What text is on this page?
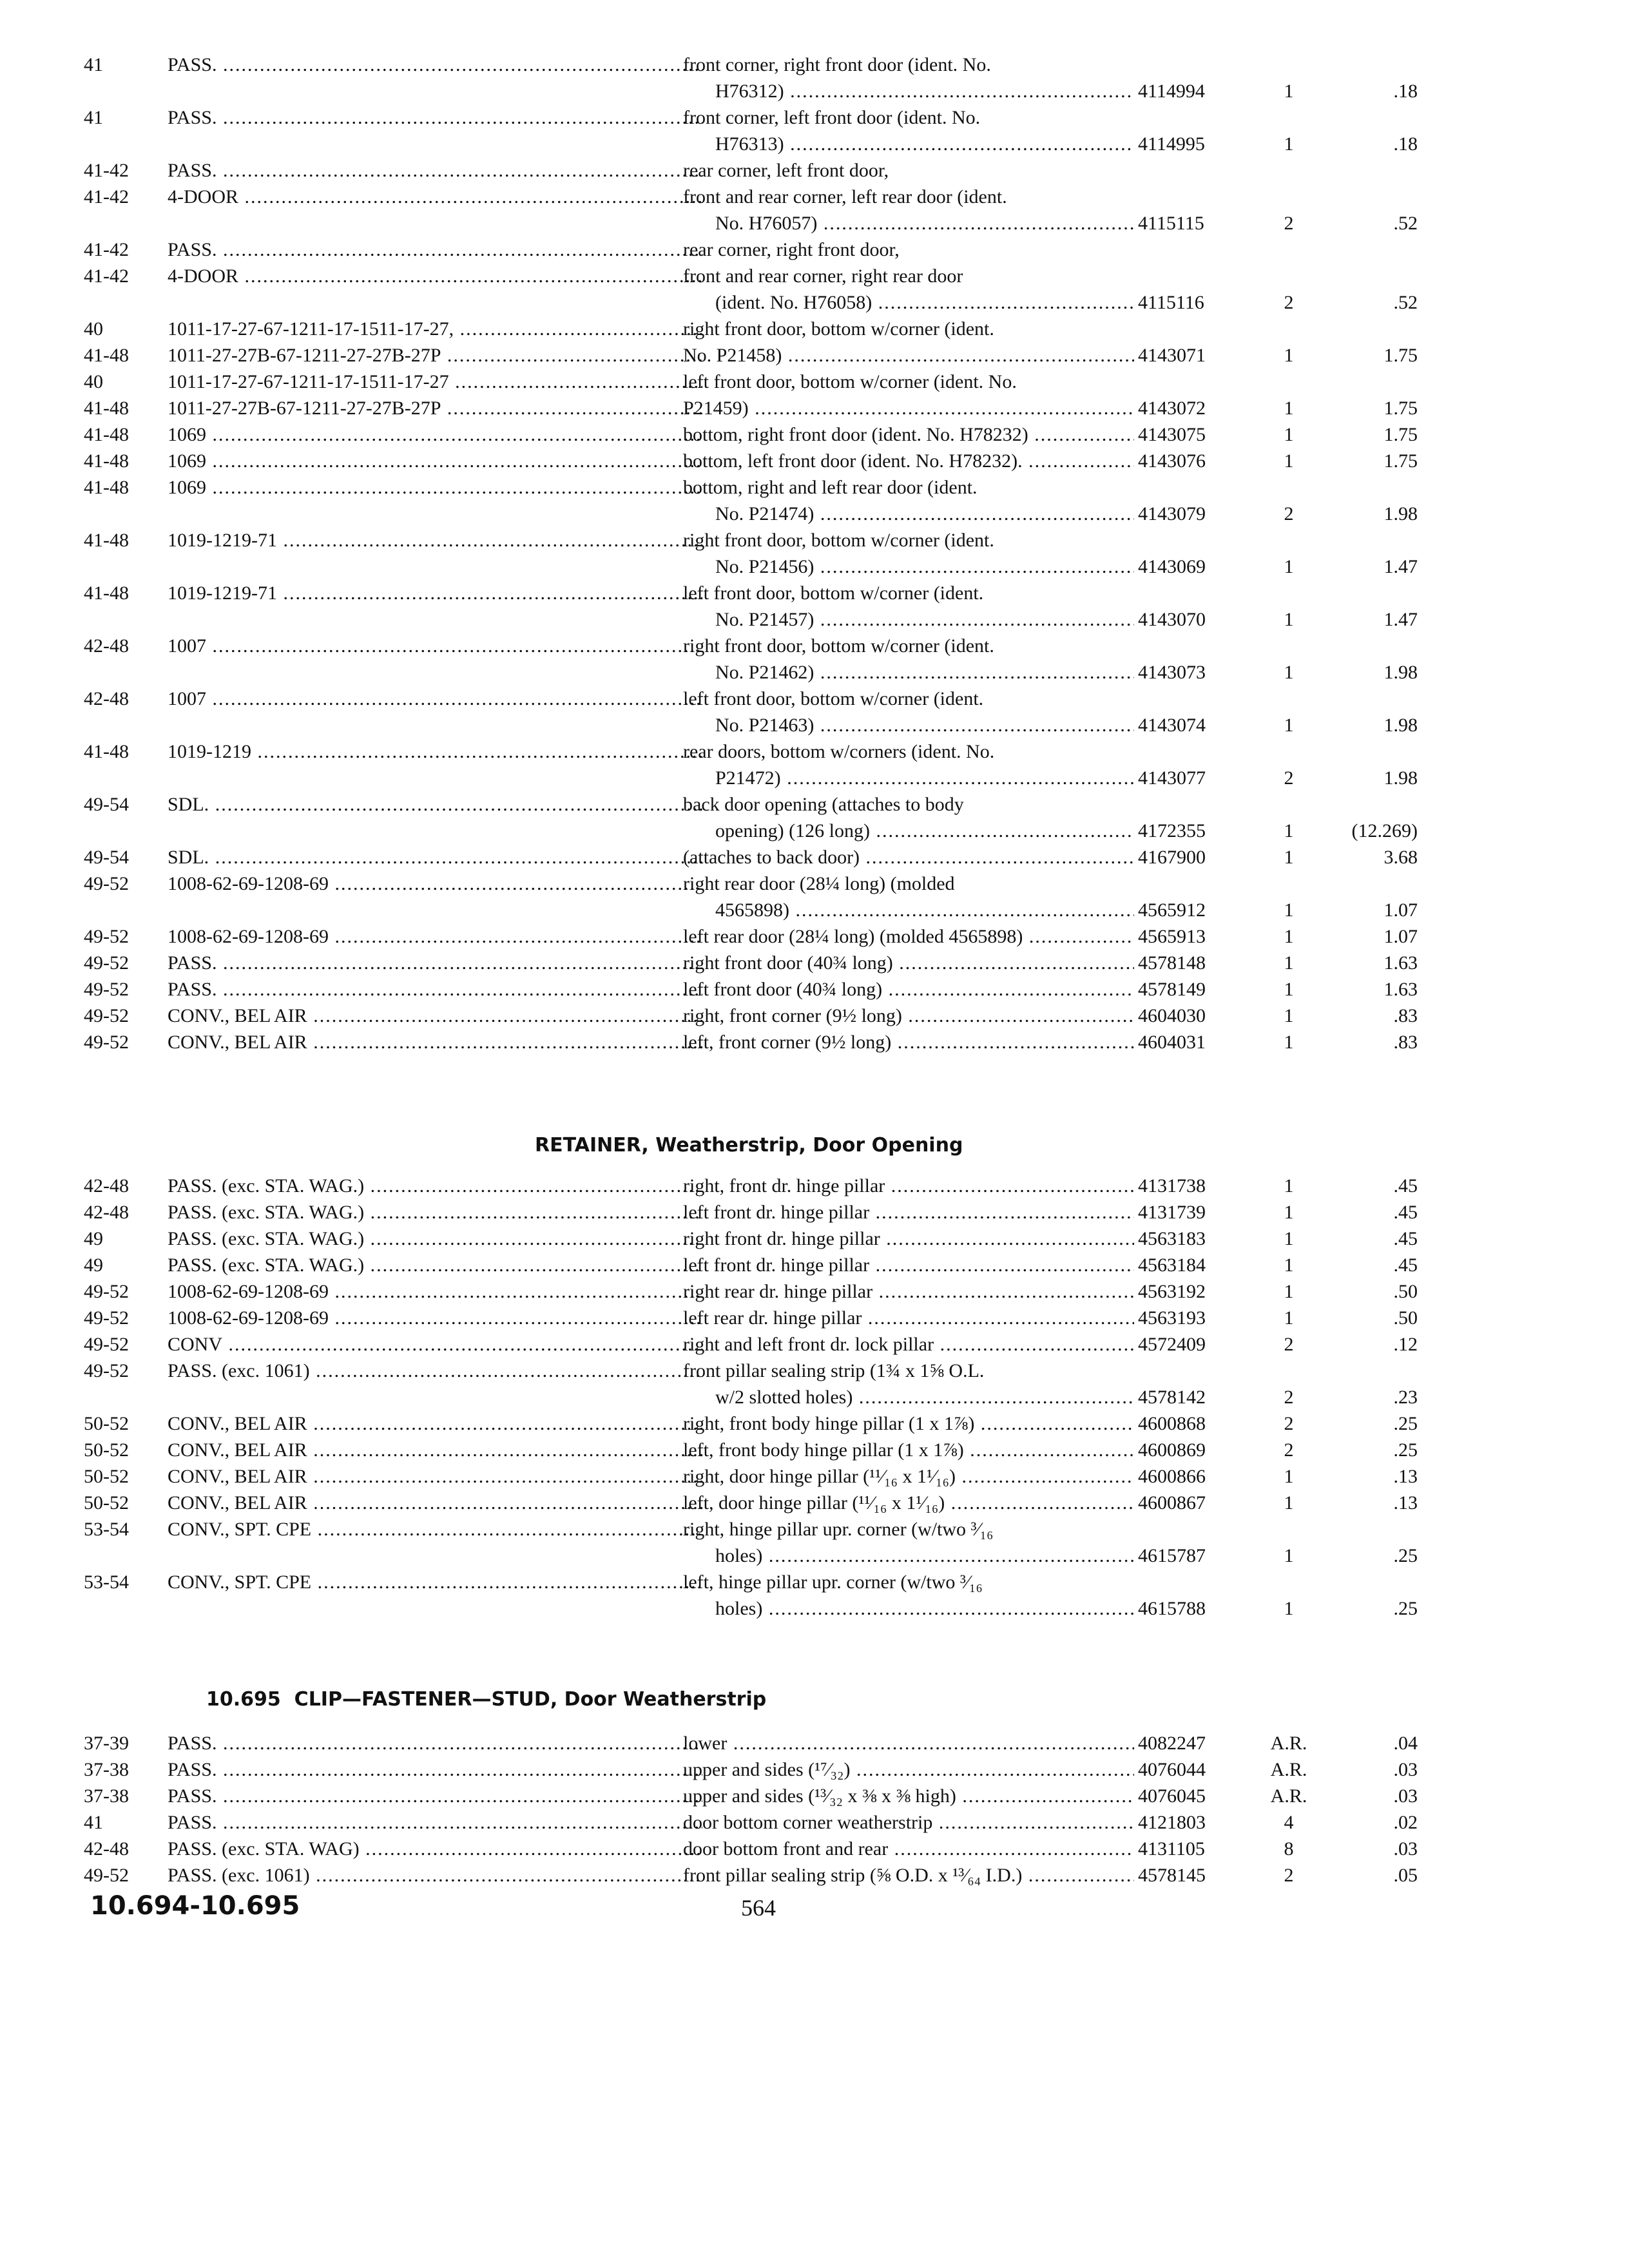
41	PASS. .....	front corner, right front door (ident. No.
H76312) .....	4114994	1	.18
41	PASS. .....	front corner, left front door (ident. No.
H76313) .....	4114995	1	.18
41-42	PASS. .....	rear corner, left front door,
41-42	4-DOOR .....	front and rear corner, left rear door (ident.
No. H76057) .....	4115115	2	.52
41-42	PASS. .....	rear corner, right front door,
41-42	4-DOOR .....	front and rear corner, right rear door
(ident. No. H76058) .....	4115116	2	.52
40	1011-17-27-67-1211-17-1511-17-27, .....	right front door, bottom w/corner (ident.
41-48	1011-27-27B-67-1211-27-27B-27P .....	No. P21458) .....	4143071	1	1.75
40	1011-17-27-67-1211-17-1511-17-27 .....	left front door, bottom w/corner (ident. No.
41-48	1011-27-27B-67-1211-27-27B-27P .....	P21459) .....	4143072	1	1.75
41-48	1069 .....	bottom, right front door (ident. No. H78232) .....	4143075	1	1.75
41-48	1069 .....	bottom, left front door (ident. No. H78232). .....	4143076	1	1.75
41-48	1069 .....	bottom, right and left rear door (ident.
No. P21474) .....	4143079	2	1.98
41-48	1019-1219-71 .....	right front door, bottom w/corner (ident.
No. P21456) .....	4143069	1	1.47
41-48	1019-1219-71 .....	left front door, bottom w/corner (ident.
No. P21457) .....	4143070	1	1.47
42-48	1007 .....	right front door, bottom w/corner (ident.
No. P21462) .....	4143073	1	1.98
42-48	1007 .....	left front door, bottom w/corner (ident.
No. P21463) .....	4143074	1	1.98
41-48	1019-1219 .....	rear doors, bottom w/corners (ident. No.
P21472) .....	4143077	2	1.98
49-54	SDL. .....	back door opening (attaches to body
opening) (126 long) .....	4172355	1	(12.269)
49-54	SDL. .....	(attaches to back door) .....	4167900	1	3.68
49-52	1008-62-69-1208-69 .....	right rear door (28¼ long) (molded
4565898) .....	4565912	1	1.07
49-52	1008-62-69-1208-69 .....	left rear door (28¼ long) (molded 4565898) .....	4565913	1	1.07
49-52	PASS. .....	right front door (40¾ long) .....	4578148	1	1.63
49-52	PASS. .....	left front door (40¾ long) .....	4578149	1	1.63
49-52	CONV., BEL AIR .....	right, front corner (9½ long) .....	4604030	1	.83
49-52	CONV., BEL AIR .....	left, front corner (9½ long) .....	4604031	1	.83
RETAINER, Weatherstrip, Door Opening
42-48	PASS. (exc. STA. WAG.) .....	right, front dr. hinge pillar .....	4131738	1	.45
42-48	PASS. (exc. STA. WAG.) .....	left front dr. hinge pillar .....	4131739	1	.45
49	PASS. (exc. STA. WAG.) .....	right front dr. hinge pillar .....	4563183	1	.45
49	PASS. (exc. STA. WAG.) .....	left front dr. hinge pillar .....	4563184	1	.45
49-52	1008-62-69-1208-69 .....	right rear dr. hinge pillar .....	4563192	1	.50
49-52	1008-62-69-1208-69 .....	left rear dr. hinge pillar .....	4563193	1	.50
49-52	CONV .....	right and left front dr. lock pillar .....	4572409	2	.12
49-52	PASS. (exc. 1061) .....	front pillar sealing strip (1¾ x 1⅝ O.L.
w/2 slotted holes) .....	4578142	2	.23
50-52	CONV., BEL AIR .....	right, front body hinge pillar (1 x 1⅞) .....	4600868	2	.25
50-52	CONV., BEL AIR .....	left, front body hinge pillar (1 x 1⅞) .....	4600869	2	.25
50-52	CONV., BEL AIR .....	right, door hinge pillar (¹¹⁄₁₆ x 1¹⁄₁₆) .....	4600866	1	.13
50-52	CONV., BEL AIR .....	left, door hinge pillar (¹¹⁄₁₆ x 1¹⁄₁₆) .....	4600867	1	.13
53-54	CONV., SPT. CPE .....	right, hinge pillar upr. corner (w/two ³⁄₁₆
holes) .....	4615787	1	.25
53-54	CONV., SPT. CPE .....	left, hinge pillar upr. corner (w/two ³⁄₁₆
holes) .....	4615788	1	.25
10.695 CLIP—FASTENER—STUD, Door Weatherstrip
37-39	PASS. .....	lower .....	4082247	A.R.	.04
37-38	PASS. .....	upper and sides (¹⁷⁄₃₂) .....	4076044	A.R.	.03
37-38	PASS. .....	upper and sides (¹³⁄₃₂ x ⅜ x ⅜ high) .....	4076045	A.R.	.03
41	PASS. .....	door bottom corner weatherstrip .....	4121803	4	.02
42-48	PASS. (exc. STA. WAG) .....	door bottom front and rear .....	4131105	8	.03
49-52	PASS. (exc. 1061) .....	front pillar sealing strip (⅝ O.D. x ¹³⁄₆₄ I.D.) .....	4578145	2	.05
10.694-10.695	564
